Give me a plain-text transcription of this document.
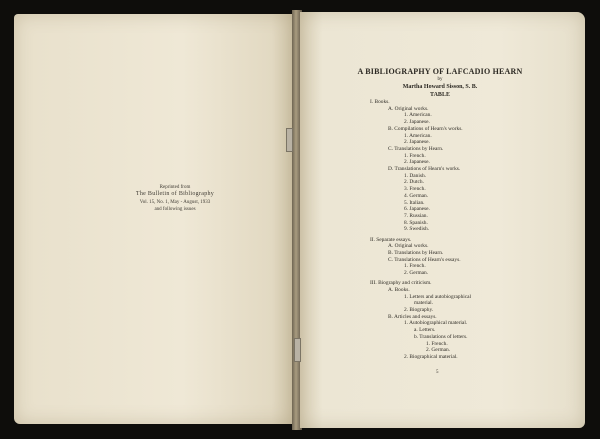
Reprinted from
The Bulletin of Bibliography
Vol. 15, No. 1, May - August, 1933
and following issues
A BIBLIOGRAPHY OF LAFCADIO HEARN
by
Martha Howard Sisson, S. B.
TABLE
I. Books.
A. Original works.
1. American.
2. Japanese.
B. Compilations of Hearn's works.
1. American.
2. Japanese.
C. Translations by Hearn.
1. French.
2. Japanese.
D. Translations of Hearn's works.
1. Danish.
2. Dutch.
3. French.
4. German.
5. Italian.
6. Japanese.
7. Russian.
8. Spanish.
9. Swedish.
II. Separate essays.
A. Original works.
B. Translations by Hearn.
C. Translations of Hearn's essays.
1. French.
2. German.
III. Biography and criticism.
A. Books.
1. Letters and autobiographical
material.
2. Biography.
B. Articles and essays.
1. Autobiographical material.
a. Letters.
b. Translations of letters.
1. French.
2. German.
2. Biographical material.
5
